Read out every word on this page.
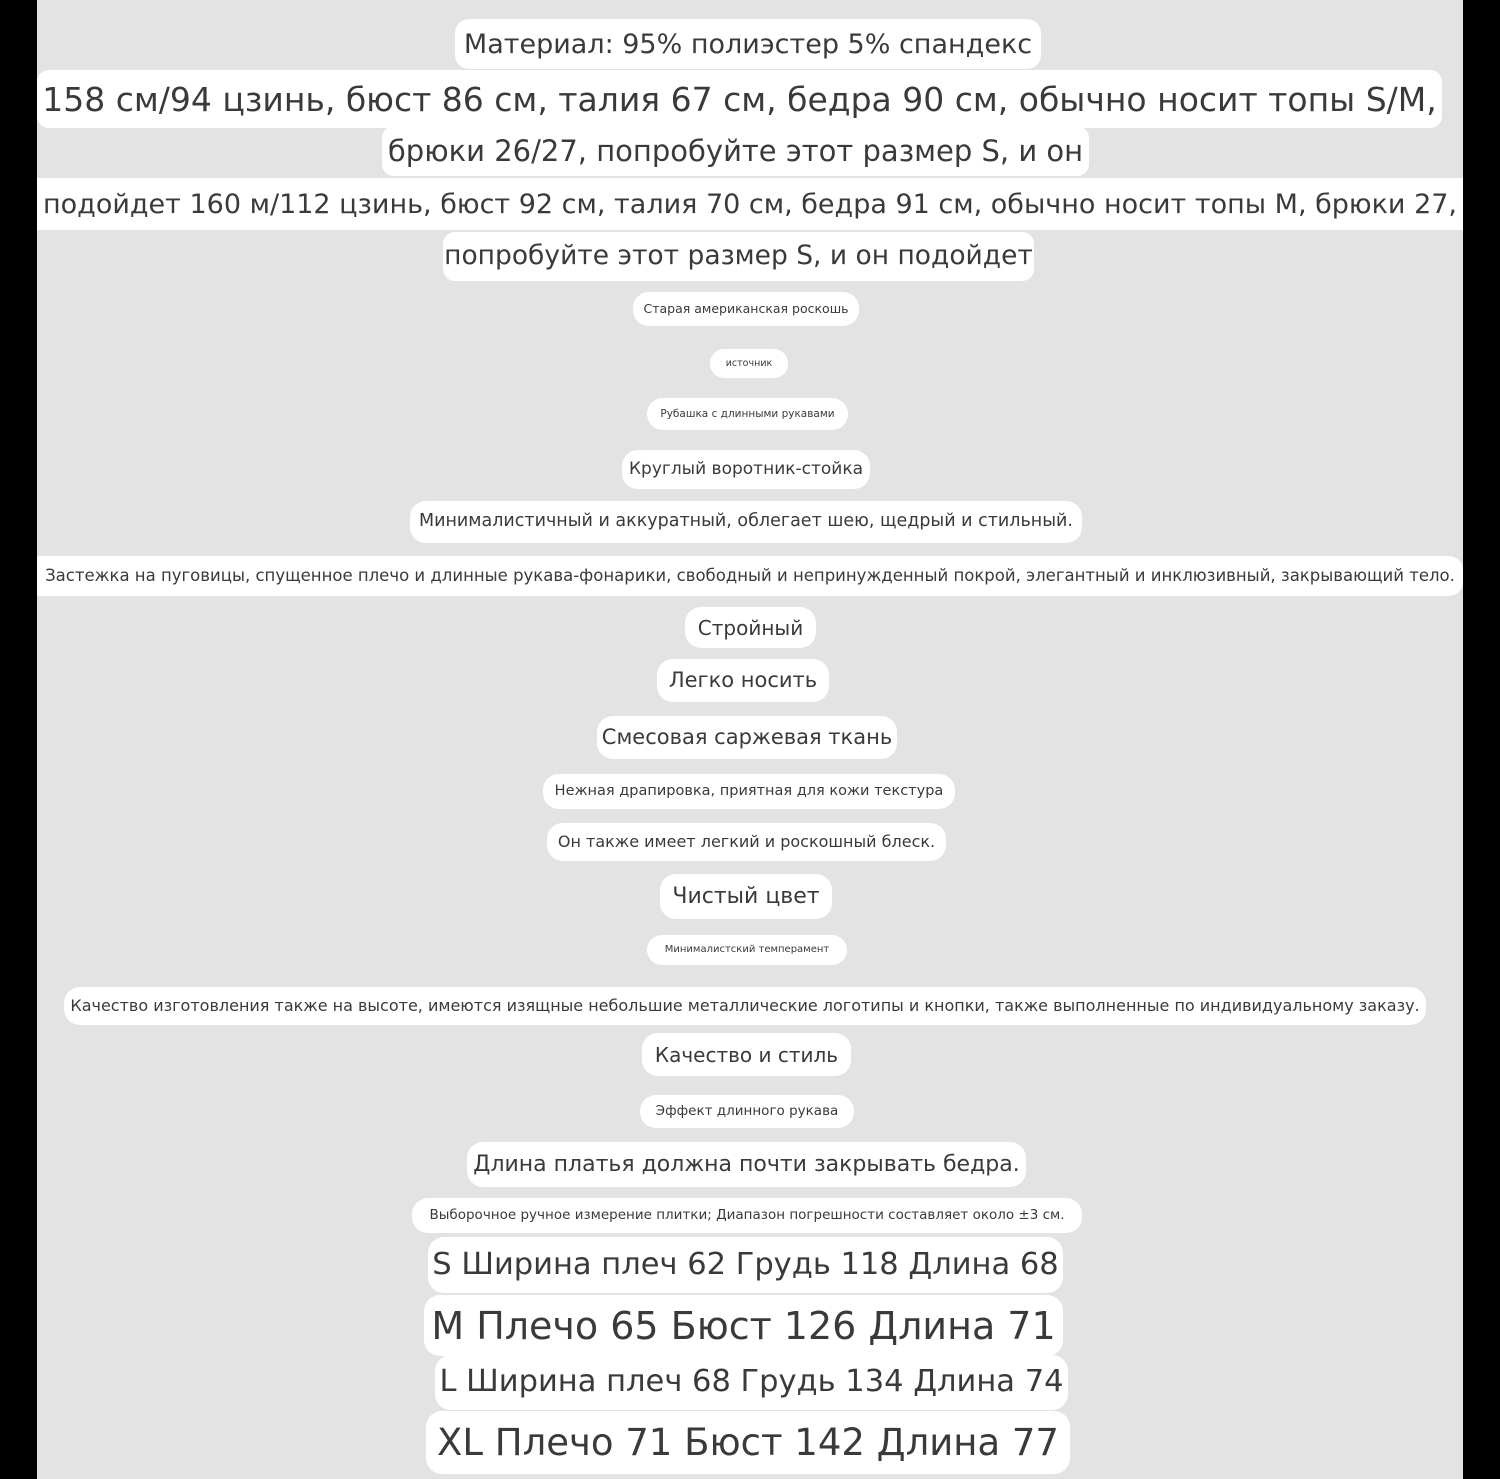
Материал: 95% полиэстер 5% спандекс
158 см/94 цзинь, бюст 86 см, талия 67 см, бедра 90 см, обычно носит топы S/M,
брюки 26/27, попробуйте этот размер S, и он
подойдет 160 м/112 цзинь, бюст 92 см, талия 70 см, бедра 91 см, обычно носит топы M, брюки 27,
попробуйте этот размер S, и он подойдет
Старая американская роскошь
источник
Рубашка с длинными рукавами
Круглый воротник-стойка
Минималистичный и аккуратный, облегает шею, щедрый и стильный.
Застежка на пуговицы, спущенное плечо и длинные рукава-фонарики, свободный и непринужденный покрой, элегантный и инклюзивный, закрывающий тело.
Стройный
Легко носить
Смесовая саржевая ткань
Нежная драпировка, приятная для кожи текстура
Он также имеет легкий и роскошный блеск.
Чистый цвет
Минималистский темперамент
Качество изготовления также на высоте, имеются изящные небольшие металлические логотипы и кнопки, также выполненные по индивидуальному заказу.
Качество и стиль
Эффект длинного рукава
Длина платья должна почти закрывать бедра.
Выборочное ручное измерение плитки; Диапазон погрешности составляет около ±3 см.
S Ширина плеч 62 Грудь 118 Длина 68
M Плечо 65 Бюст 126 Длина 71
L Ширина плеч 68 Грудь 134 Длина 74
XL Плечо 71 Бюст 142 Длина 77
